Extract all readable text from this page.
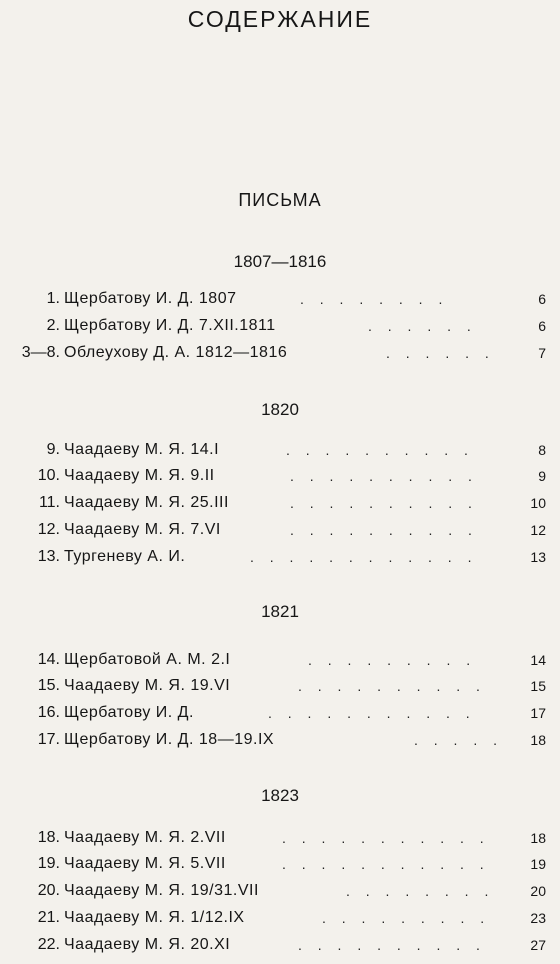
СОДЕРЖАНИЕ
ПИСЬМА
1807—1816
1. Щербатову И. Д. 1807	. . . . . . . .	6
2. Щербатову И. Д. 7.XII.1811	. . . . . .	6
3—8. Облеухову Д. А. 1812—1816	. . . . . .	7
1820
9. Чаадаеву М. Я. 14.I	. . . . . . . . . .	8
10. Чаадаеву М. Я. 9.II	. . . . . . . . . .	9
11. Чаадаеву М. Я. 25.III	. . . . . . . . . .	10
12. Чаадаеву М. Я. 7.VI	. . . . . . . . . .	12
13. Тургеневу А. И.	. . . . . . . . . . . .	13
1821
14. Щербатовой А. М. 2.I	. . . . . . . . .	14
15. Чаадаеву М. Я. 19.VI	. . . . . . . . . .	15
16. Щербатову И. Д.	. . . . . . . . . . .	17
17. Щербатову И. Д. 18—19.IX	. . . . . 18
1823
18. Чаадаеву М. Я. 2.VII	. . . . . . . . . . .	18
19. Чаадаеву М. Я. 5.VII	. . . . . . . . . . .	19
20. Чаадаеву М. Я. 19/31.VII	. . . . . . . .	20
21. Чаадаеву М. Я. 1/12.IX	. . . . . . . . .	23
22. Чаадаеву М. Я. 20.XI	. . . . . . . . . .	27
